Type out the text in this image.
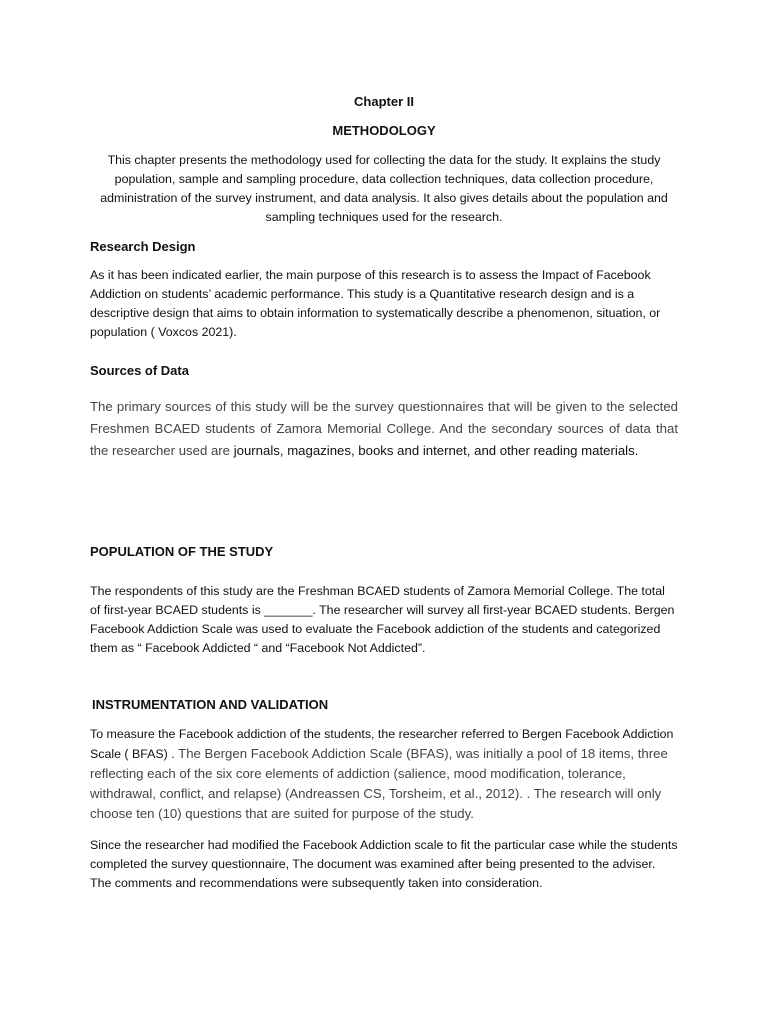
Chapter II
METHODOLOGY

This chapter presents the methodology used for collecting the data for the study. It explains the study population, sample and sampling procedure, data collection techniques, data collection procedure, administration of the survey instrument, and data analysis. It also gives details about the population and sampling techniques used for the research.

Research Design

As it has been indicated earlier, the main purpose of this research is to assess the Impact of Facebook Addiction on students’ academic performance. This study is a Quantitative research design and is a descriptive design that aims to obtain information to systematically describe a phenomenon, situation, or population ( Voxcos 2021).

Sources of Data

The primary sources of this study will be the survey questionnaires that will be given to the selected Freshmen BCAED students of Zamora Memorial College. And the secondary sources of data that the researcher used are journals, magazines, books and internet, and other reading materials.

POPULATION OF THE STUDY

The respondents of this study are the Freshman BCAED students of Zamora Memorial College. The total of first-year BCAED students is _______. The researcher will survey all first-year BCAED students. Bergen Facebook Addiction Scale was used to evaluate the Facebook addiction of the students and categorized them as “ Facebook Addicted “ and “Facebook Not Addicted”.

INSTRUMENTATION AND VALIDATION

To measure the Facebook addiction of the students, the researcher referred to Bergen Facebook Addiction Scale ( BFAS) . The Bergen Facebook Addiction Scale (BFAS), was initially a pool of 18 items, three reflecting each of the six core elements of addiction (salience, mood modification, tolerance, withdrawal, conflict, and relapse) (Andreassen CS, Torsheim, et al., 2012). . The research will only choose ten (10) questions that are suited for purpose of the study.

Since the researcher had modified the Facebook Addiction scale to fit the particular case while the students completed the survey questionnaire, The document was examined after being presented to the adviser. The comments and recommendations were subsequently taken into consideration.
